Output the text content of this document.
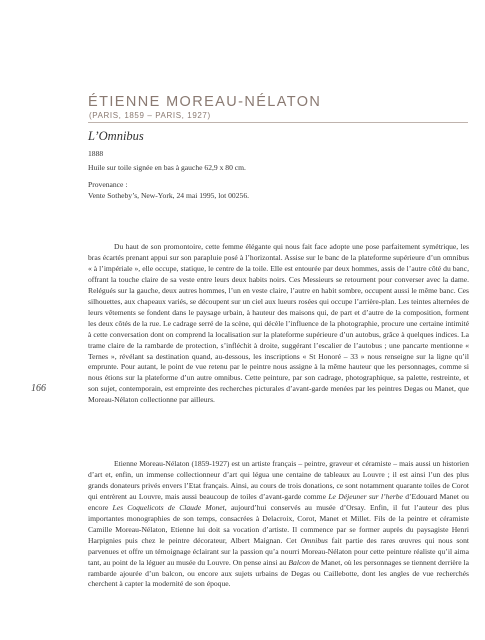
ÉTIENNE MOREAU-NÉLATON
(PARIS, 1859 – PARIS, 1927)
L’Omnibus
1888
Huile sur toile signée en bas à gauche 62,9 x 80 cm.
Provenance :
Vente Sotheby’s, New-York, 24 mai 1995, lot 00256.
166

Du haut de son promontoire, cette femme élégante qui nous fait face adopte une pose parfaitement symétrique, les bras écartés prenant appui sur son parapluie posé à l’horizontal. Assise sur le banc de la plateforme supérieure d’un omnibus « à l’impériale », elle occupe, statique, le centre de la toile. Elle est entourée par deux hommes, assis de l’autre côté du banc, offrant la touche claire de sa veste entre leurs deux habits noirs. Ces Messieurs se retournent pour converser avec la dame. Relégués sur la gauche, deux autres hommes, l’un en veste claire, l’autre en habit sombre, occupent aussi le même banc. Ces silhouettes, aux chapeaux variés, se découpent sur un ciel aux lueurs rosées qui occupe l’arrière-plan. Les teintes alternées de leurs vêtements se fondent dans le paysage urbain, à hauteur des maisons qui, de part et d’autre de la composition, forment les deux côtés de la rue. Le cadrage serré de la scène, qui décèle l’influence de la photographie, procure une certaine intimité à cette conversation dont on comprend la localisation sur la plateforme supérieure d’un autobus, grâce à quelques indices. La trame claire de la rambarde de protection, s’infléchit à droite, suggérant l’escalier de l’autobus ; une pancarte mentionne « Ternes », révélant sa destination quand, au-dessous, les inscriptions « St Honoré – 33 » nous renseigne sur la ligne qu’il emprunte. Pour autant, le point de vue retenu par le peintre nous assigne à la même hauteur que les personnages, comme si nous étions sur la plateforme d’un autre omnibus. Cette peinture, par son cadrage, photographique, sa palette, restreinte, et son sujet, contemporain, est empreinte des recherches picturales d’avant-garde menées par les peintres Degas ou Manet, que Moreau-Nélaton collectionne par ailleurs.

Etienne Moreau-Nélaton (1859-1927) est un artiste français – peintre, graveur et céramiste – mais aussi un historien d’art et, enfin, un immense collectionneur d’art qui légua une centaine de tableaux au Louvre ; il est ainsi l’un des plus grands donateurs privés envers l’Etat français. Ainsi, au cours de trois donations, ce sont notamment quarante toiles de Corot qui entrèrent au Louvre, mais aussi beaucoup de toiles d’avant-garde comme Le Déjeuner sur l’herbe d’Edouard Manet ou encore Les Coquelicots de Claude Monet, aujourd’hui conservés au musée d’Orsay. Enfin, il fut l’auteur des plus importantes monographies de son temps, consacrées à Delacroix, Corot, Manet et Millet. Fils de la peintre et céramiste Camille Moreau-Nélaton, Etienne lui doit sa vocation d’artiste. Il commence par se former auprès du paysagiste Henri Harpignies puis chez le peintre décorateur, Albert Maignan. Cet Omnibus fait partie des rares œuvres qui nous sont parvenues et offre un témoignage éclairant sur la passion qu’a nourri Moreau-Nélaton pour cette peinture réaliste qu’il aima tant, au point de la léguer au musée du Louvre. On pense ainsi au Balcon de Manet, où les personnages se tiennent derrière la rambarde ajourée d’un balcon, ou encore aux sujets urbains de Degas ou Caillebotte, dont les angles de vue recherchés cherchent à capter la modernité de son époque.
